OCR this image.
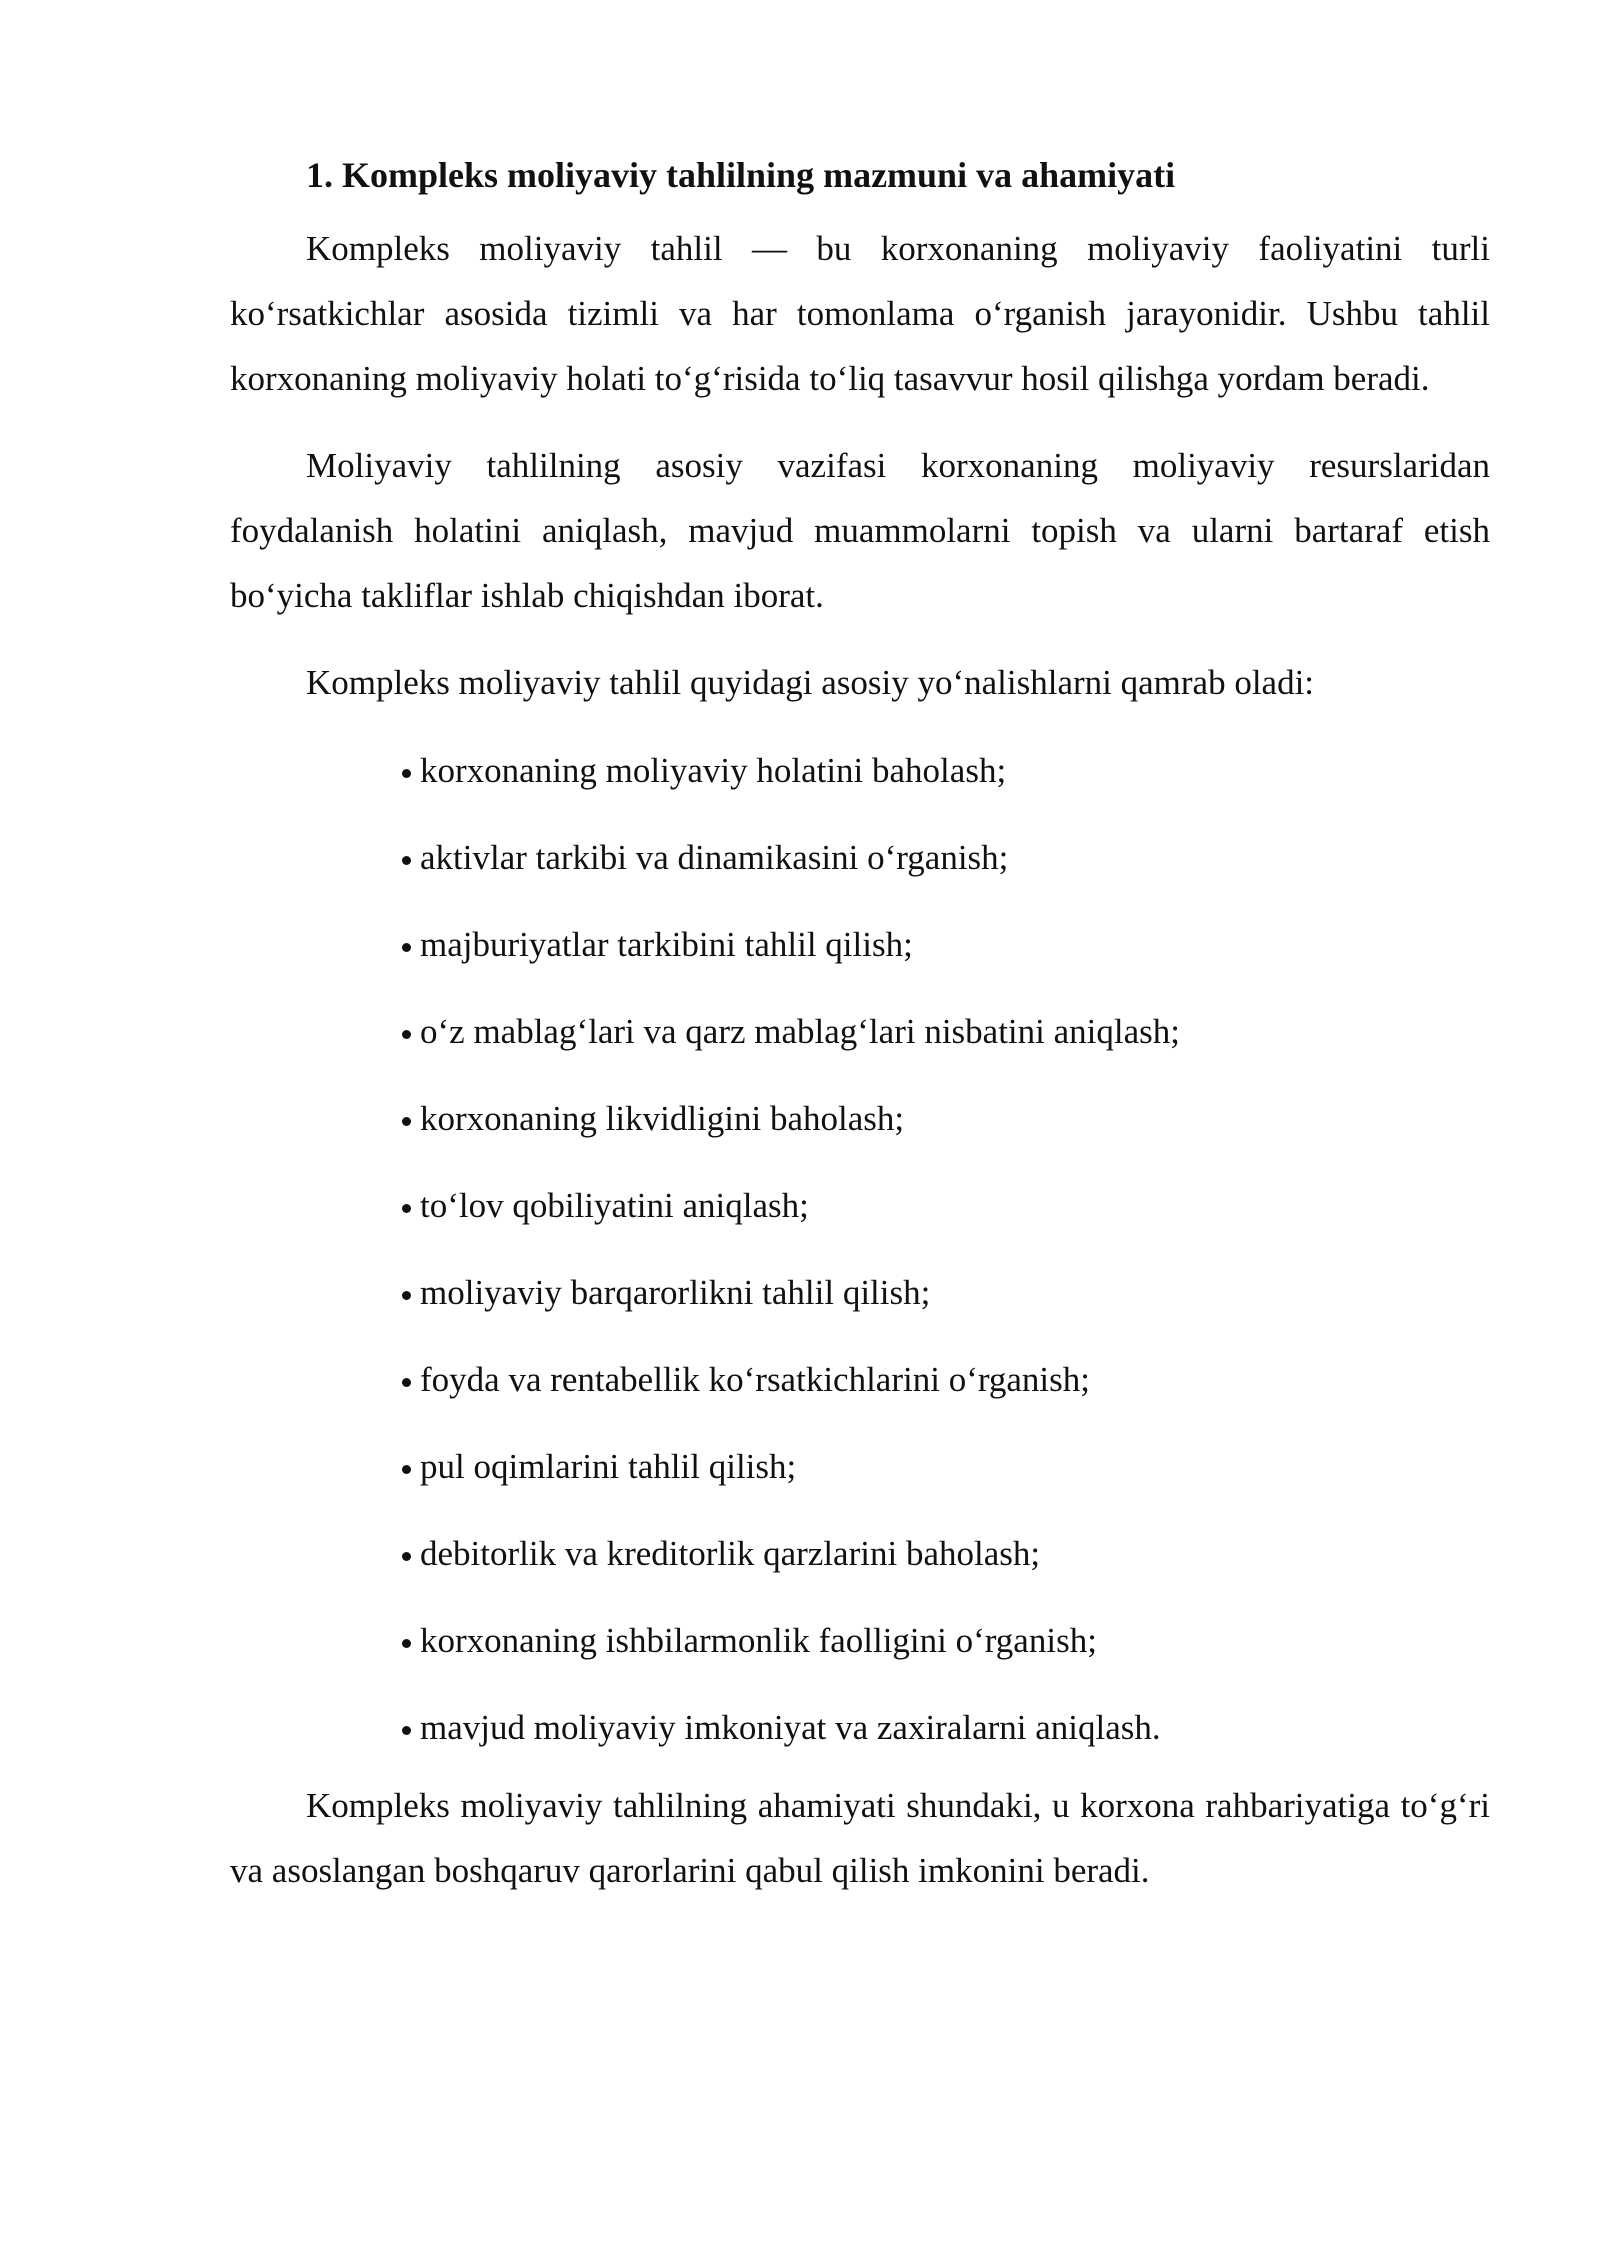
1. Kompleks moliyaviy tahlilning mazmuni va ahamiyati

Kompleks moliyaviy tahlil — bu korxonaning moliyaviy faoliyatini turli ko‘rsatkichlar asosida tizimli va har tomonlama o‘rganish jarayonidir. Ushbu tahlil korxonaning moliyaviy holati to‘g‘risida to‘liq tasavvur hosil qilishga yordam beradi.

Moliyaviy tahlilning asosiy vazifasi korxonaning moliyaviy resurslaridan foydalanish holatini aniqlash, mavjud muammolarni topish va ularni bartaraf etish bo‘yicha takliflar ishlab chiqishdan iborat.

Kompleks moliyaviy tahlil quyidagi asosiy yo‘nalishlarni qamrab oladi:

korxonaning moliyaviy holatini baholash;
aktivlar tarkibi va dinamikasini o‘rganish;
majburiyatlar tarkibini tahlil qilish;
o‘z mablag‘lari va qarz mablag‘lari nisbatini aniqlash;
korxonaning likvidligini baholash;
to‘lov qobiliyatini aniqlash;
moliyaviy barqarorlikni tahlil qilish;
foyda va rentabellik ko‘rsatkichlarini o‘rganish;
pul oqimlarini tahlil qilish;
debitorlik va kreditorlik qarzlarini baholash;
korxonaning ishbilarmonlik faolligini o‘rganish;
mavjud moliyaviy imkoniyat va zaxiralarni aniqlash.

Kompleks moliyaviy tahlilning ahamiyati shundaki, u korxona rahbariyatiga to‘g‘ri va asoslangan boshqaruv qarorlarini qabul qilish imkonini beradi.
